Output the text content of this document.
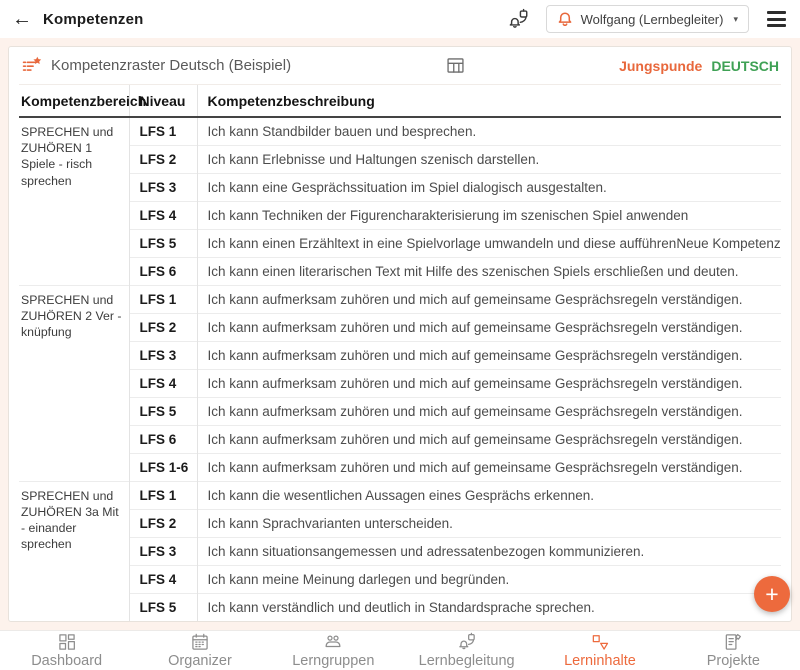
← Kompetenzen	Wolfgang (Lernbegleiter) ▾
Kompetenzraster Deutsch (Beispiel)	Jungspunde DEUTSCH
Kompetenzbereich	Niveau	Kompetenzbeschreibung
SPRECHEN und ZUHÖREN 1 Spiele - risch sprechen	LFS 1	Ich kann Standbilder bauen und besprechen.
	LFS 2	Ich kann Erlebnisse und Haltungen szenisch darstellen.
	LFS 3	Ich kann eine Gesprächssituation im Spiel dialogisch ausgestalten.
	LFS 4	Ich kann Techniken der Figurencharakterisierung im szenischen Spiel anwenden
	LFS 5	Ich kann einen Erzähltext in eine Spielvorlage umwandeln und diese aufführenNeue Kompetenz
	LFS 6	Ich kann einen literarischen Text mit Hilfe des szenischen Spiels erschließen und deuten.
SPRECHEN und ZUHÖREN 2 Ver - knüpfung	LFS 1	Ich kann aufmerksam zuhören und mich auf gemeinsame Gesprächsregeln verständigen.
	LFS 2	Ich kann aufmerksam zuhören und mich auf gemeinsame Gesprächsregeln verständigen.
	LFS 3	Ich kann aufmerksam zuhören und mich auf gemeinsame Gesprächsregeln verständigen.
	LFS 4	Ich kann aufmerksam zuhören und mich auf gemeinsame Gesprächsregeln verständigen.
	LFS 5	Ich kann aufmerksam zuhören und mich auf gemeinsame Gesprächsregeln verständigen.
	LFS 6	Ich kann aufmerksam zuhören und mich auf gemeinsame Gesprächsregeln verständigen.
	LFS 1-6	Ich kann aufmerksam zuhören und mich auf gemeinsame Gesprächsregeln verständigen.
SPRECHEN und ZUHÖREN 3a Mit - einander sprechen	LFS 1	Ich kann die wesentlichen Aussagen eines Gesprächs erkennen.
	LFS 2	Ich kann Sprachvarianten unterscheiden.
	LFS 3	Ich kann situationsangemessen und adressatenbezogen kommunizieren.
	LFS 4	Ich kann meine Meinung darlegen und begründen.
	LFS 5	Ich kann verständlich und deutlich in Standardsprache sprechen.
+
Dashboard	Organizer	Lerngruppen	Lernbegleitung	Lerninhalte	Projekte
